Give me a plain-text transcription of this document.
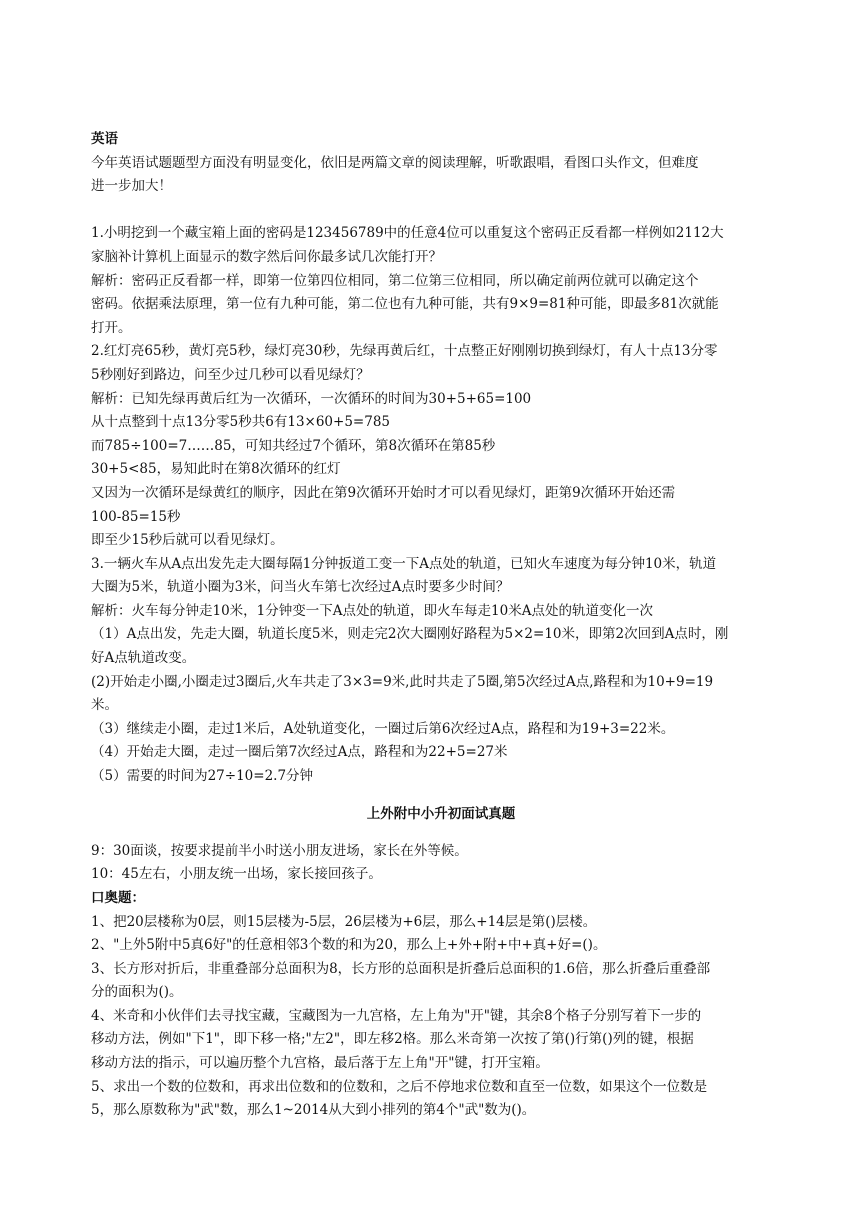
英语

今年英语试题题型方面没有明显变化，依旧是两篇文章的阅读理解，听歌跟唱，看图口头作文，但难度

进一步加大！

1.小明挖到一个藏宝箱上面的密码是123456789中的任意4位可以重复这个密码正反看都一样例如2112大

家脑补计算机上面显示的数字然后问你最多试几次能打开？

解析：密码正反看都一样，即第一位第四位相同，第二位第三位相同，所以确定前两位就可以确定这个

密码。依据乘法原理，第一位有九种可能，第二位也有九种可能，共有9×9=81种可能，即最多81次就能

打开。

2.红灯亮65秒，黄灯亮5秒，绿灯亮30秒，先绿再黄后红，十点整正好刚刚切换到绿灯，有人十点13分零

5秒刚好到路边，问至少过几秒可以看见绿灯？

解析：已知先绿再黄后红为一次循环，一次循环的时间为30+5+65=100

从十点整到十点13分零5秒共6有13×60+5=785

而785÷100=7……85，可知共经过7个循环，第8次循环在第85秒

30+5<85，易知此时在第8次循环的红灯

又因为一次循环是绿黄红的顺序，因此在第9次循环开始时才可以看见绿灯，距第9次循环开始还需

100-85=15秒

即至少15秒后就可以看见绿灯。

3.一辆火车从A点出发先走大圈每隔1分钟扳道工变一下A点处的轨道，已知火车速度为每分钟10米，轨道

大圈为5米，轨道小圈为3米，问当火车第七次经过A点时要多少时间？

解析：火车每分钟走10米，1分钟变一下A点处的轨道，即火车每走10米A点处的轨道变化一次

（1）A点出发，先走大圈，轨道长度5米，则走完2次大圈刚好路程为5×2=10米，即第2次回到A点时，刚

好A点轨道改变。

(2)开始走小圈,小圈走过3圈后,火车共走了3×3=9米,此时共走了5圈,第5次经过A点,路程和为10+9=19

米。

（3）继续走小圈，走过1米后，A处轨道变化，一圈过后第6次经过A点，路程和为19+3=22米。

（4）开始走大圈，走过一圈后第7次经过A点，路程和为22+5=27米

（5）需要的时间为27÷10=2.7分钟

上外附中小升初面试真题

9：30面谈，按要求提前半小时送小朋友进场，家长在外等候。

10：45左右，小朋友统一出场，家长接回孩子。

口奥题：

1、把20层楼称为0层，则15层楼为-5层，26层楼为+6层，那么+14层是第()层楼。

2、"上外5附中5真6好"的任意相邻3个数的和为20，那么上+外+附+中+真+好=()。

3、长方形对折后，非重叠部分总面积为8，长方形的总面积是折叠后总面积的1.6倍，那么折叠后重叠部

分的面积为()。

4、米奇和小伙伴们去寻找宝藏，宝藏图为一九宫格，左上角为"开"键，其余8个格子分别写着下一步的

移动方法，例如"下1"，即下移一格;"左2"，即左移2格。那么米奇第一次按了第()行第()列的键，根据

移动方法的指示，可以遍历整个九宫格，最后落于左上角"开"键，打开宝箱。

5、求出一个数的位数和，再求出位数和的位数和，之后不停地求位数和直至一位数，如果这个一位数是

5，那么原数称为"武"数，那么1~2014从大到小排列的第4个"武"数为()。
